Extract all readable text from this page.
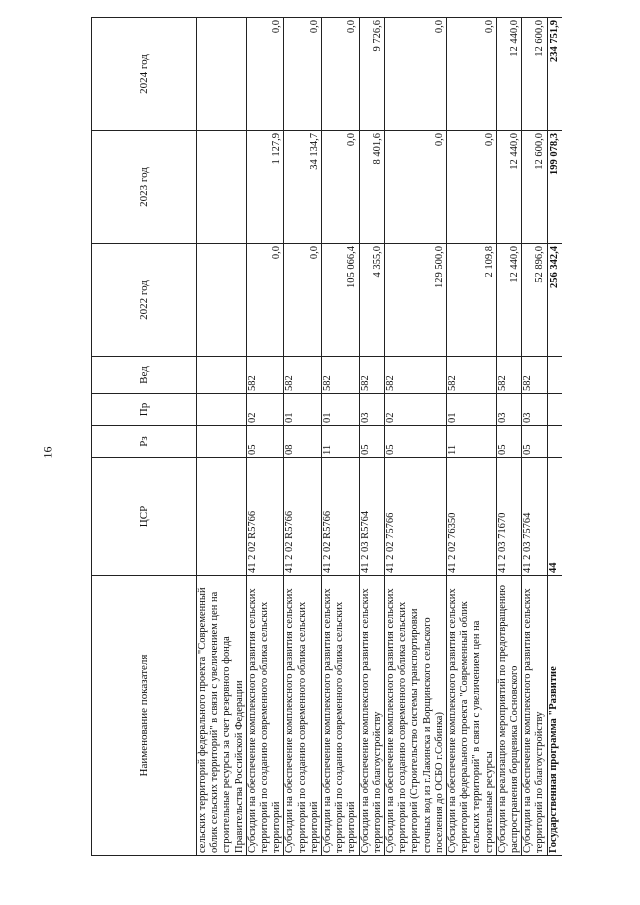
16
Наименование показателя	ЦСР	Рз	Пр	Вед	2022 год	2023 год	2024 год
сельских территорий федерального проекта "Современный облик сельских территорий" в связи с увеличением цен на строительные ресурсы за счет резервного фонда Правительства Российской Федерации							
Субсидии на обеспечение комплексного развития сельских территорий по созданию современного облика сельских территорий	41 2 02 R5766	05	02	582	0,0	1 127,9	0,0
Субсидии на обеспечение комплексного развития сельских территорий по созданию современного облика сельских территорий	41 2 02 R5766	08	01	582	0,0	34 134,7	0,0
Субсидии на обеспечение комплексного развития сельских территорий по созданию современного облика сельских территорий	41 2 02 R5766	11	01	582	105 066,4	0,0	0,0
Субсидии на обеспечение комплексного развития сельских территорий по благоустройству	41 2 03 R5764	05	03	582	4 355,0	8 401,6	9 726,6
Субсидии на обеспечение комплексного развития сельских территорий по созданию современного облика сельских территорий (Строительство системы транспортировки сточных вод из г.Лакинска и Ворщинского сельского поселения до ОСБО г.Собинка)	41 2 02 75766	05	02	582	129 500,0	0,0	0,0
Субсидии на обеспечение комплексного развития сельских территорий федерального проекта "Современный облик сельских территорий" в связи с увеличением цен на строительные ресурсы	41 2 02 76350	11	01	582	2 109,8	0,0	0,0
Субсидии на реализацию мероприятий по предотвращению распространения борщевика Сосновского	41 2 03 71670	05	03	582	12 440,0	12 440,0	12 440,0
Субсидии на обеспечение комплексного развития сельских территорий по благоустройству	41 2 03 75764	05	03	582	52 896,0	12 600,0	12 600,0
Государственная программа "Развитие	44				256 342,4	199 078,3	234 751,9
